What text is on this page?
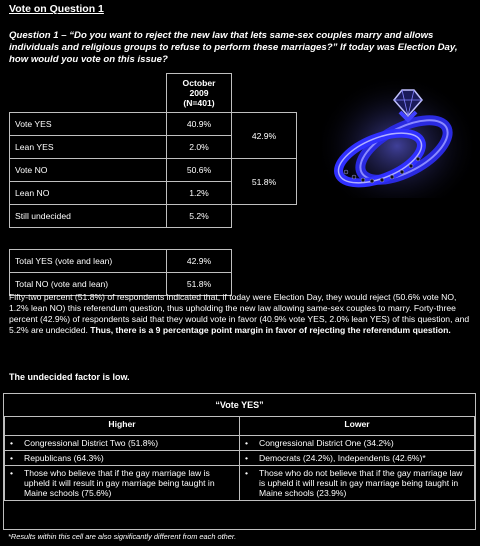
Vote on Question 1
Question 1 – “Do you want to reject the new law that lets same-sex couples marry and allows individuals and religious groups to refuse to perform these marriages?” If today was Election Day, how would you vote on this issue?
	October
2009
(N=401)	
Vote YES	40.9%	42.9%
Lean YES	2.0%	
Vote NO	50.6%	51.8%
Lean NO	1.2%	
Still undecided	5.2%	

Total YES (vote and lean)	42.9%	
Total NO (vote and lean)	51.8%	
Fifty-two percent (51.8%) of respondents indicated that, if today were Election Day, they would reject (50.6% vote NO, 1.2% lean NO) this referendum question, thus upholding the new law allowing same-sex couples to marry. Forty-three percent (42.9%) of respondents said that they would vote in favor (40.9% vote YES, 2.0% lean YES) of this question, and 5.2% are undecided. Thus, there is a 9 percentage point margin in favor of rejecting the referendum question.
The undecided factor is low.
“Vote YES”
Higher	Lower

• Congressional District Two (51.8%)	• Congressional District One (34.2%)

• Republicans (64.3%)	• Democrats (24.2%), Independents (42.6%)*

• Those who believe that if the gay marriage law is upheld it will result in gay marriage being taught in Maine schools (75.6%)	• Those who do not believe that if the gay marriage law is upheld it will result in gay marriage being taught in Maine schools (23.9%)
*Results within this cell are also significantly different from each other.
